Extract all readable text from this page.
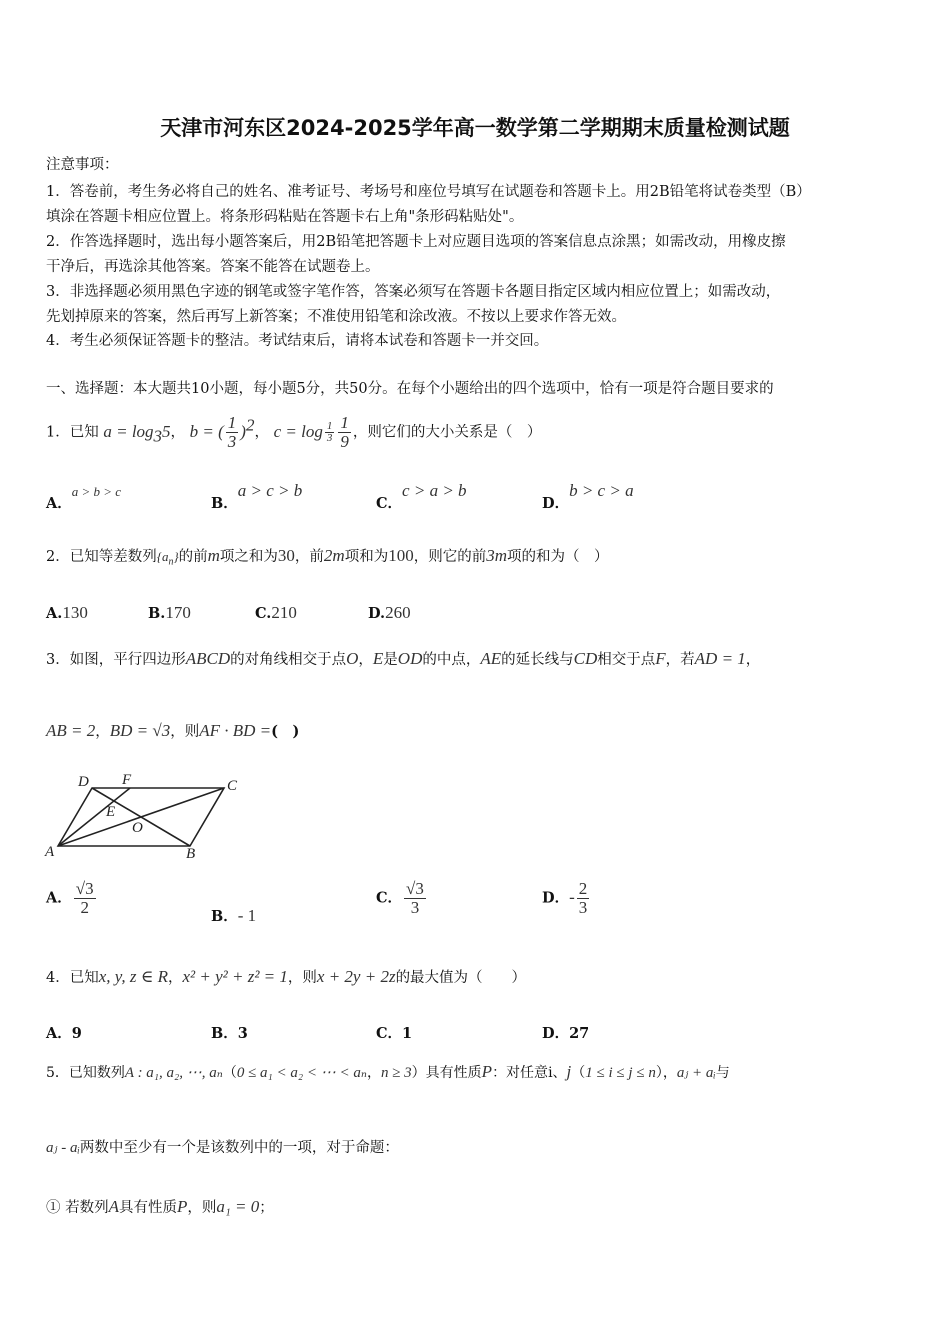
天津市河东区2024-2025学年高一数学第二学期期末质量检测试题
注意事项：
1．答卷前，考生务必将自己的姓名、准考证号、考场号和座位号填写在试题卷和答题卡上。用2B铅笔将试卷类型（B）
填涂在答题卡相应位置上。将条形码粘贴在答题卡右上角"条形码粘贴处"。
2．作答选择题时，选出每小题答案后，用2B铅笔把答题卡上对应题目选项的答案信息点涂黑；如需改动，用橡皮擦
干净后，再选涂其他答案。答案不能答在试题卷上。
3．非选择题必须用黑色字迹的钢笔或签字笔作答，答案必须写在答题卡各题目指定区域内相应位置上；如需改动，
先划掉原来的答案，然后再写上新答案；不准使用铅笔和涂改液。不按以上要求作答无效。
4．考生必须保证答题卡的整洁。考试结束后，请将本试卷和答题卡一并交回。
一、选择题：本大题共10小题，每小题5分，共50分。在每个小题给出的四个选项中，恰有一项是符合题目要求的
1．已知 $a = \log_35$， b = ( $\frac{1}{3} )^2$， $c = \log \frac{1}{3} \frac{1}{9}$ ，则它们的大小关系是（　）
A．a > b > c
B．a > c > b
C．c > a > b
D．b > c > a
2．已知等差数列$\{a_n\}$的前m项之和为30，前2m项和为100，则它的前3m项的和为（　）
A.130	B.170	C.210	D.260
3．如图，平行四边形ABCD的对角线相交于点O，E是OD的中点，AE的延长线与CD相交于点F，若AD = 1，
AB = 2，BD = √3，则AF · BD =(　)
D F	C
E
O
A	B
A． $\frac{√3}{2}$	B．- 1
C． $\frac{√3}{3}$	D．- $\frac{2}{3}$
4．已知x, y, z ∈ R，x² + y² + z² = 1，则x + 2y + 2z的最大值为（　　）
A．9	B．3	C．1	D．27
5．已知数列A : a₁, a₂, ⋯, aₙ（0 ≤ a₁ < a₂ < ⋯ < aₙ，n ≥ 3）具有性质P：对任意i、j（1 ≤ i ≤ j ≤ n），aⱼ + aᵢ与
aⱼ - aᵢ两数中至少有一个是该数列中的一项，对于命题：
① 若数列A具有性质P，则a₁ = 0；
